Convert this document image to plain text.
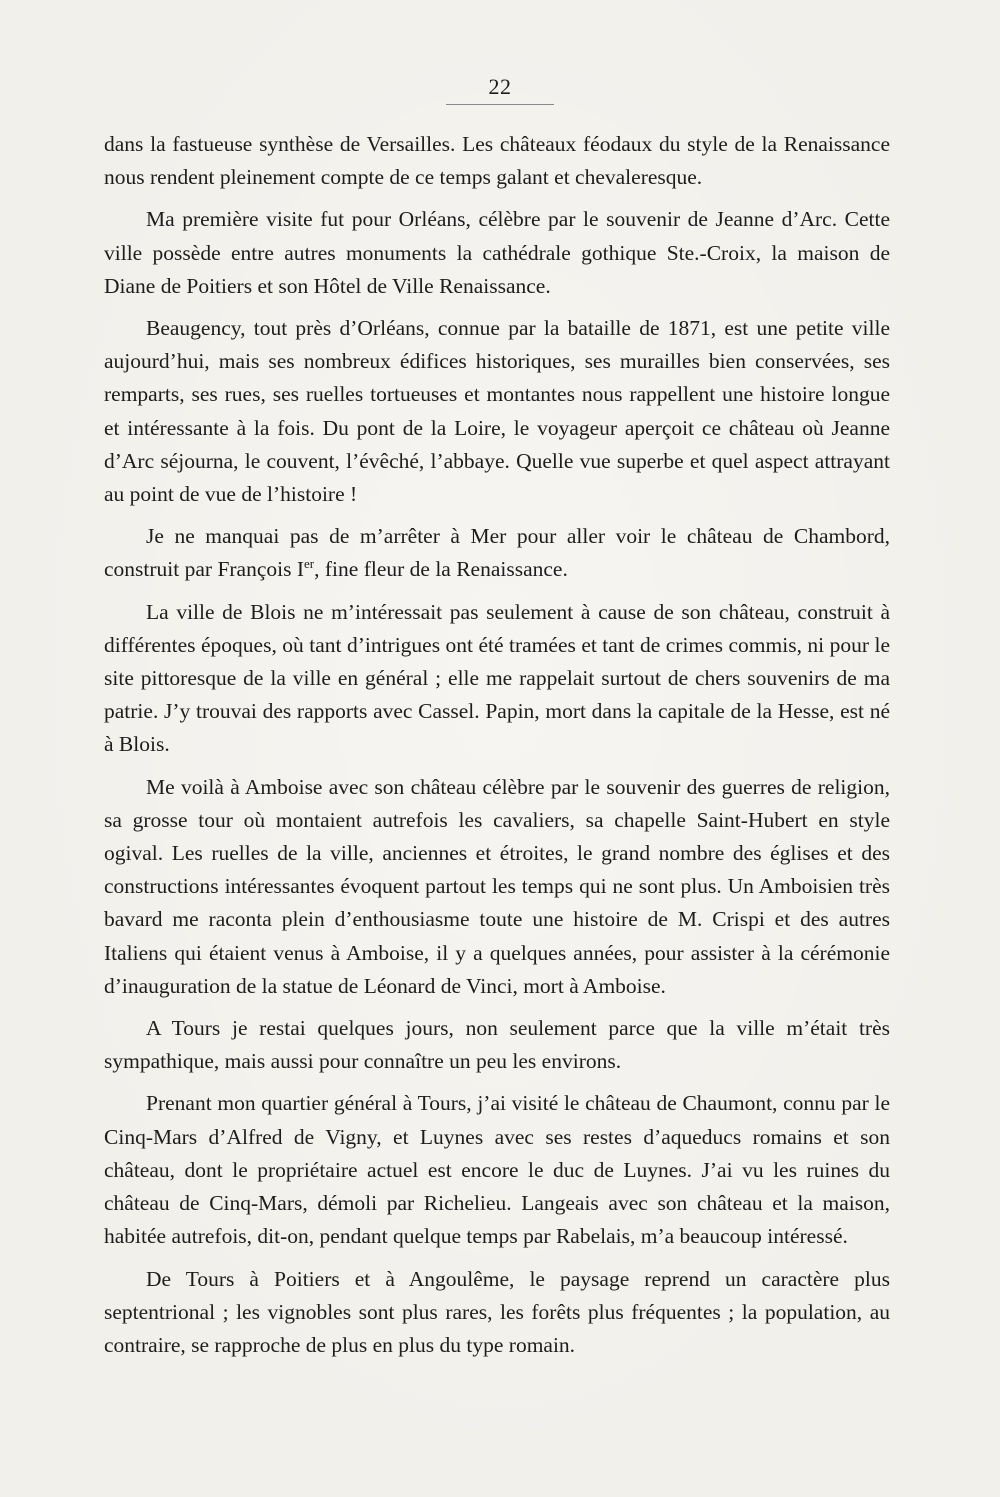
22

dans la fastueuse synthèse de Versailles. Les châteaux féodaux du style de la Renaissance nous rendent pleinement compte de ce temps galant et chevaleresque.

Ma première visite fut pour Orléans, célèbre par le souvenir de Jeanne d’Arc. Cette ville possède entre autres monuments la cathédrale gothique Ste.-Croix, la maison de Diane de Poitiers et son Hôtel de Ville Renaissance.

Beaugency, tout près d’Orléans, connue par la bataille de 1871, est une petite ville aujourd’hui, mais ses nombreux édifices historiques, ses murailles bien conservées, ses remparts, ses rues, ses ruelles tortueuses et montantes nous rappellent une histoire longue et intéressante à la fois. Du pont de la Loire, le voyageur aperçoit ce château où Jeanne d’Arc séjourna, le couvent, l’évêché, l’abbaye. Quelle vue superbe et quel aspect attrayant au point de vue de l’histoire !

Je ne manquai pas de m’arrêter à Mer pour aller voir le château de Chambord, construit par François Ier, fine fleur de la Renaissance.

La ville de Blois ne m’intéressait pas seulement à cause de son château, construit à différentes époques, où tant d’intrigues ont été tramées et tant de crimes commis, ni pour le site pittoresque de la ville en général ; elle me rappelait surtout de chers souvenirs de ma patrie. J’y trouvai des rapports avec Cassel. Papin, mort dans la capitale de la Hesse, est né à Blois.

Me voilà à Amboise avec son château célèbre par le souvenir des guerres de religion, sa grosse tour où montaient autrefois les cavaliers, sa chapelle Saint-Hubert en style ogival. Les ruelles de la ville, anciennes et étroites, le grand nombre des églises et des constructions intéressantes évoquent partout les temps qui ne sont plus. Un Amboisien très bavard me raconta plein d’enthousiasme toute une histoire de M. Crispi et des autres Italiens qui étaient venus à Amboise, il y a quelques années, pour assister à la cérémonie d’inauguration de la statue de Léonard de Vinci, mort à Amboise.

A Tours je restai quelques jours, non seulement parce que la ville m’était très sympathique, mais aussi pour connaître un peu les environs.

Prenant mon quartier général à Tours, j’ai visité le château de Chaumont, connu par le Cinq-Mars d’Alfred de Vigny, et Luynes avec ses restes d’aqueducs romains et son château, dont le propriétaire actuel est encore le duc de Luynes. J’ai vu les ruines du château de Cinq-Mars, démoli par Richelieu. Langeais avec son château et la maison, habitée autrefois, dit-on, pendant quelque temps par Rabelais, m’a beaucoup intéressé.

De Tours à Poitiers et à Angoulême, le paysage reprend un caractère plus septentrional ; les vignobles sont plus rares, les forêts plus fréquentes ; la population, au contraire, se rapproche de plus en plus du type romain.
